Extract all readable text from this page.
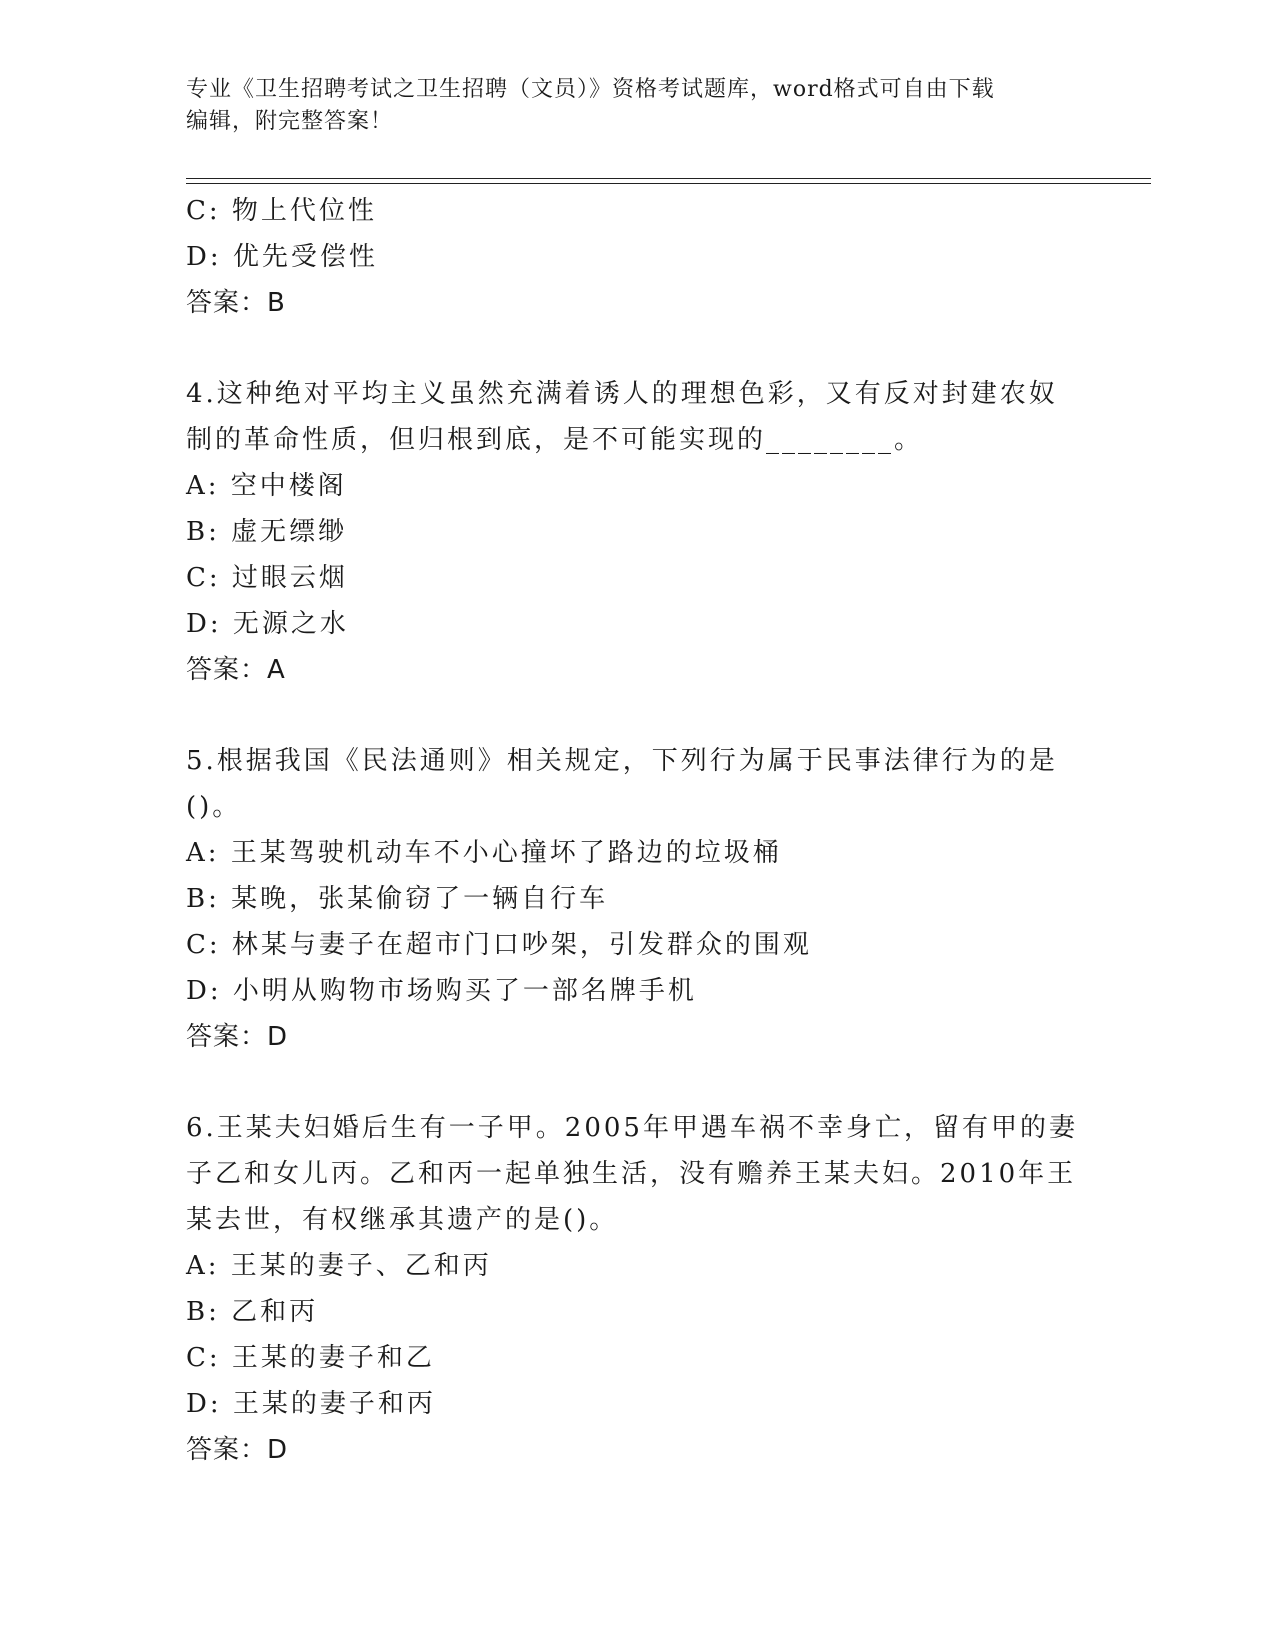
专业《卫生招聘考试之卫生招聘（文员）》资格考试题库，word格式可自由下载
编辑，附完整答案！
C: 物上代位性
D: 优先受偿性
答案：B
4.这种绝对平均主义虽然充满着诱人的理想色彩，又有反对封建农奴
制的革命性质，但归根到底，是不可能实现的________。
A: 空中楼阁
B: 虚无缥缈
C: 过眼云烟
D: 无源之水
答案：A
5.根据我国《民法通则》相关规定，下列行为属于民事法律行为的是
()。
A: 王某驾驶机动车不小心撞坏了路边的垃圾桶
B: 某晚，张某偷窃了一辆自行车
C: 林某与妻子在超市门口吵架，引发群众的围观
D: 小明从购物市场购买了一部名牌手机
答案：D
6.王某夫妇婚后生有一子甲。2005年甲遇车祸不幸身亡，留有甲的妻
子乙和女儿丙。乙和丙一起单独生活，没有赡养王某夫妇。2010年王
某去世，有权继承其遗产的是()。
A: 王某的妻子、乙和丙
B: 乙和丙
C: 王某的妻子和乙
D: 王某的妻子和丙
答案：D
